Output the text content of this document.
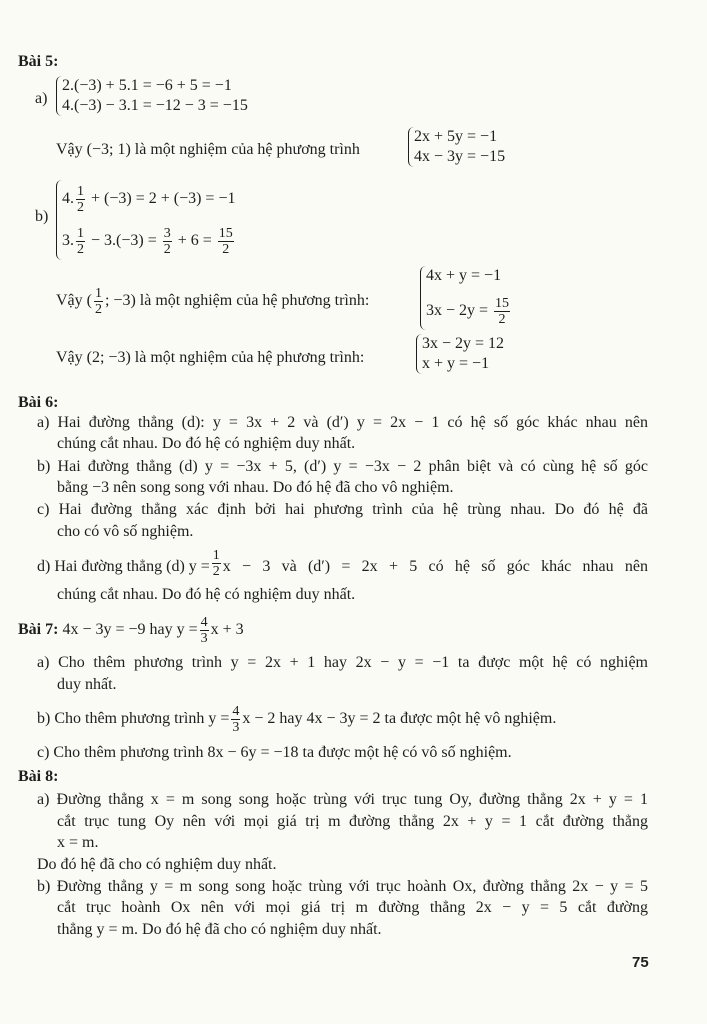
Bài 5:
a)
2.(−3) + 5.1 = −6 + 5 = −1
4.(−3) − 3.1 = −12 − 3 = −15
Vậy (−3; 1) là một nghiệm của hệ phương trình
2x + 5y = −1
4x − 3y = −15
b)
4. $\frac{1}{2} + (-3) = 2 + (-3) = -1$
3. $\frac{1}{2} - 3.(-3) = \frac{3}{2} + 6 = \frac{15}{2}$
Vậy ( $\frac{1}{2}$ ; −3) là một nghiệm của hệ phương trình:
4x + y = −1
$3x - 2y = \frac{15}{2}$
Vậy (2; −3) là một nghiệm của hệ phương trình:
3x − 2y = 12
x + y = −1
Bài 6:
a) Hai đường thẳng (d): y = 3x + 2 và (d′) y = 2x − 1 có hệ số góc khác nhau nên
chúng cắt nhau. Do đó hệ có nghiệm duy nhất.
b) Hai đường thẳng (d) y = −3x + 5, (d′) y = −3x − 2 phân biệt và có cùng hệ số góc
bằng −3 nên song song với nhau. Do đó hệ đã cho vô nghiệm.
c) Hai đường thẳng xác định bởi hai phương trình của hệ trùng nhau. Do đó hệ đã
cho có vô số nghiệm.
d) Hai đường thẳng (d) $y = \frac{1}{2}$ x − 3 và (d′) = 2x + 5 có hệ số góc khác nhau nên
chúng cắt nhau. Do đó hệ có nghiệm duy nhất.
Bài 7: 4x − 3y = −9 hay $y = \frac{4}{3}$ x + 3
a) Cho thêm phương trình y = 2x + 1 hay 2x − y = −1 ta được một hệ có nghiệm
duy nhất.
b) Cho thêm phương trình $y = \frac{4}{3}$ x − 2 hay 4x − 3y = 2 ta được một hệ vô nghiệm.
c) Cho thêm phương trình 8x − 6y = −18 ta được một hệ có vô số nghiệm.
Bài 8:
a) Đường thẳng x = m song song hoặc trùng với trục tung Oy, đường thẳng 2x + y = 1
cắt trục tung Oy nên với mọi giá trị m đường thẳng 2x + y = 1 cắt đường thẳng
x = m.
Do đó hệ đã cho có nghiệm duy nhất.
b) Đường thẳng y = m song song hoặc trùng với trục hoành Ox, đường thẳng 2x − y = 5
cắt trục hoành Ox nên với mọi giá trị m đường thẳng 2x − y = 5 cắt đường
thẳng y = m. Do đó hệ đã cho có nghiệm duy nhất.
75
